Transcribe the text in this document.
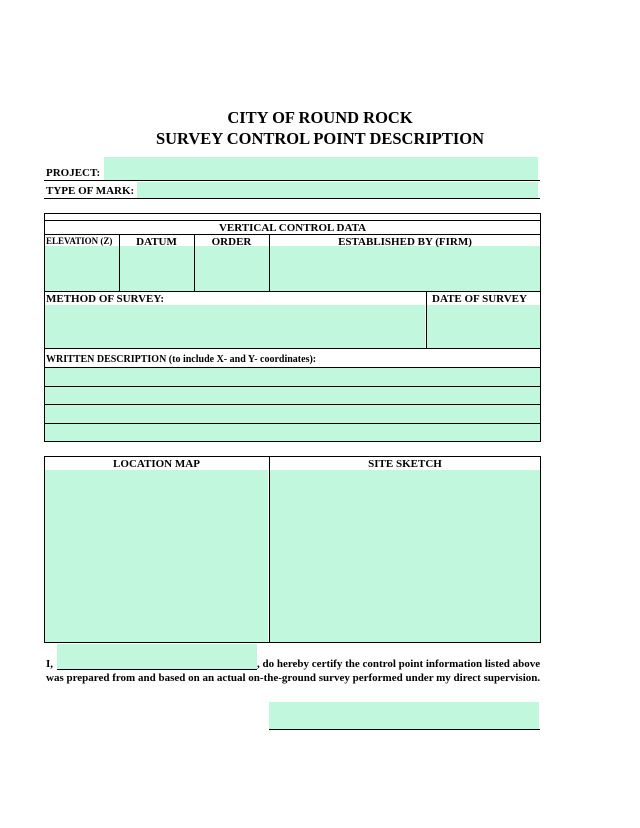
CITY OF ROUND ROCK
SURVEY CONTROL POINT DESCRIPTION
PROJECT:
TYPE OF MARK:
VERTICAL CONTROL DATA
ELEVATION (Z)	DATUM	ORDER	ESTABLISHED BY (FIRM)
METHOD OF SURVEY:	DATE OF SURVEY
WRITTEN DESCRIPTION (to include X- and Y- coordinates):
LOCATION MAP	SITE SKETCH
I,	, do hereby certify the control point information listed above
was prepared from and based on an actual on-the-ground survey performed under my direct supervision.
